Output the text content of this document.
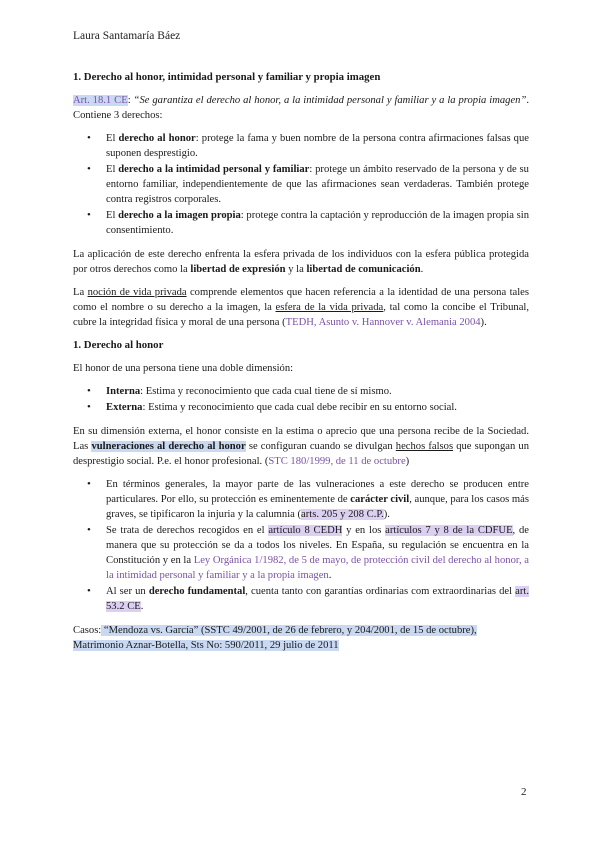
Laura Santamaría Báez
1. Derecho al honor, intimidad personal y familiar y propia imagen

Art. 18.1 CE: “Se garantiza el derecho al honor, a la intimidad personal y familiar y a la propia imagen”. Contiene 3 derechos:

• El derecho al honor: protege la fama y buen nombre de la persona contra afirmaciones falsas que suponen desprestigio.
• El derecho a la intimidad personal y familiar: protege un ámbito reservado de la persona y de su entorno familiar, independientemente de que las afirmaciones sean verdaderas. También protege contra registros corporales.
• El derecho a la imagen propia: protege contra la captación y reproducción de la imagen propia sin consentimiento.

La aplicación de este derecho enfrenta la esfera privada de los individuos con la esfera pública protegida por otros derechos como la libertad de expresión y la libertad de comunicación.

La noción de vida privada comprende elementos que hacen referencia a la identidad de una persona tales como el nombre o su derecho a la imagen, la esfera de la vida privada, tal como la concibe el Tribunal, cubre la integridad física y moral de una persona (TEDH, Asunto v. Hannover v. Alemania 2004).

1. Derecho al honor

El honor de una persona tiene una doble dimensión:

• Interna: Estima y reconocimiento que cada cual tiene de sí mismo.
• Externa: Estima y reconocimiento que cada cual debe recibir en su entorno social.

En su dimensión externa, el honor consiste en la estima o aprecio que una persona recibe de la Sociedad. Las vulneraciones al derecho al honor se configuran cuando se divulgan hechos falsos que supongan un desprestigio social. P.e. el honor profesional. (STC 180/1999, de 11 de octubre)

• En términos generales, la mayor parte de las vulneraciones a este derecho se producen entre particulares. Por ello, su protección es eminentemente de carácter civil, aunque, para los casos más graves, se tipificaron la injuria y la calumnia (arts. 205 y 208 C.P.).
• Se trata de derechos recogidos en el artículo 8 CEDH y en los artículos 7 y 8 de la CDFUE, de manera que su protección se da a todos los niveles. En España, su regulación se encuentra en la Constitución y en la Ley Orgánica 1/1982, de 5 de mayo, de protección civil del derecho al honor, a la intimidad personal y familiar y a la propia imagen.
• Al ser un derecho fundamental, cuenta tanto con garantías ordinarias com extraordinarias del art. 53.2 CE.

Casos: “Mendoza vs. García” (SSTC 49/2001, de 26 de febrero, y 204/2001, de 15 de octubre),
Matrimonio Aznar-Botella, Sts No: 590/2011, 29 julio de 2011

2
